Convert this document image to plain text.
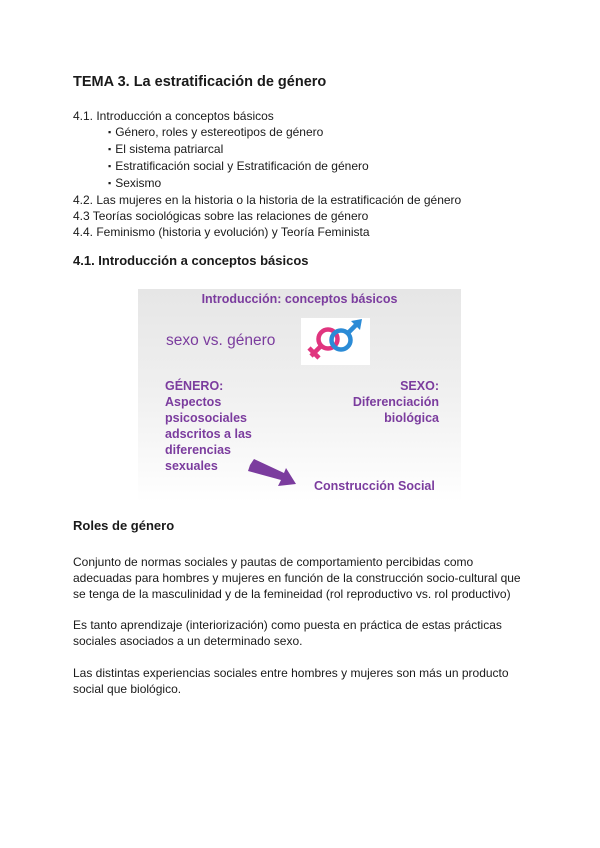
TEMA 3. La estratificación de género
4.1. Introducción a conceptos básicos
▪ Género, roles y estereotipos de género
▪ El sistema patriarcal
▪ Estratificación social y Estratificación de género
▪ Sexismo
4.2. Las mujeres en la historia o la historia de la estratificación de género
4.3 Teorías sociológicas sobre las relaciones de género
4.4. Feminismo (historia y evolución) y Teoría Feminista
4.1. Introducción a conceptos básicos
Introducción: conceptos básicos
sexo vs. género
GÉNERO:
Aspectos
psicosociales
adscritos a las
diferencias
sexuales
SEXO:
Diferenciación
biológica
Construcción Social
Roles de género

Conjunto de normas sociales y pautas de comportamiento percibidas como adecuadas para hombres y mujeres en función de la construcción socio-cultural que se tenga de la masculinidad y de la femineidad (rol reproductivo vs. rol productivo)

Es tanto aprendizaje (interiorización) como puesta en práctica de estas prácticas sociales asociados a un determinado sexo.

Las distintas experiencias sociales entre hombres y mujeres son más un producto social que biológico.
